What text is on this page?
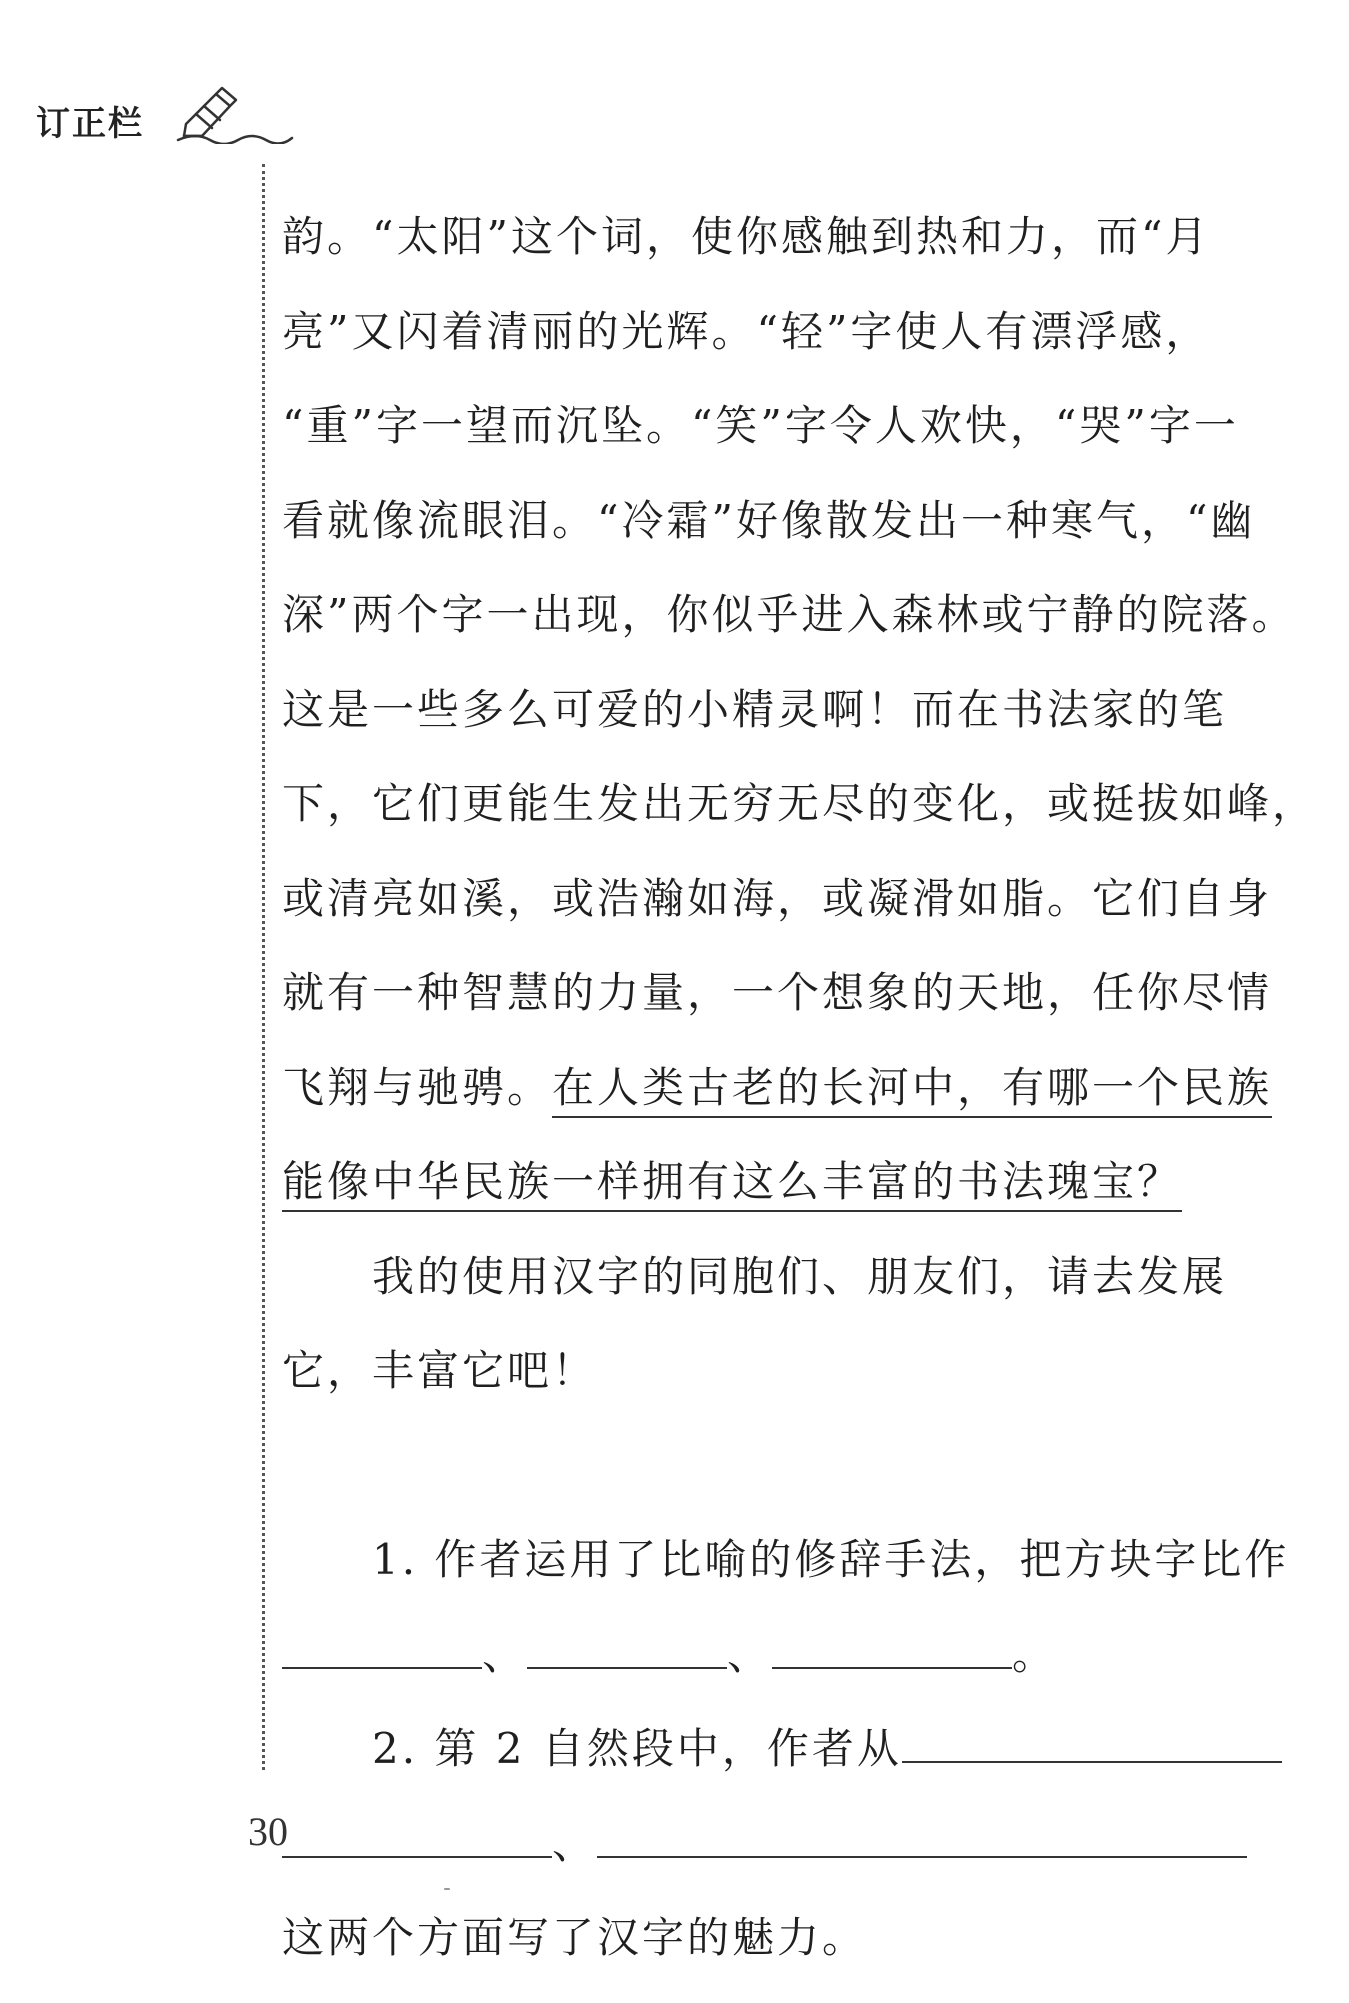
订正栏
韵。“太阳”这个词，使你感触到热和力，而“月
亮”又闪着清丽的光辉。“轻”字使人有漂浮感，
“重”字一望而沉坠。“笑”字令人欢快，“哭”字一
看就像流眼泪。“冷霜”好像散发出一种寒气，“幽
深”两个字一出现，你似乎进入森林或宁静的院落。
这是一些多么可爱的小精灵啊！而在书法家的笔
下，它们更能生发出无穷无尽的变化，或挺拔如峰，
或清亮如溪，或浩瀚如海，或凝滑如脂。它们自身
就有一种智慧的力量，一个想象的天地，任你尽情
飞翔与驰骋。在人类古老的长河中，有哪一个民族
能像中华民族一样拥有这么丰富的书法瑰宝？
我的使用汉字的同胞们、朋友们，请去发展
它，丰富它吧！
1. 作者运用了比喻的修辞手法，把方块字比作
、	、	。
2. 第 2 自然段中，作者从
、
这两个方面写了汉字的魅力。
30
